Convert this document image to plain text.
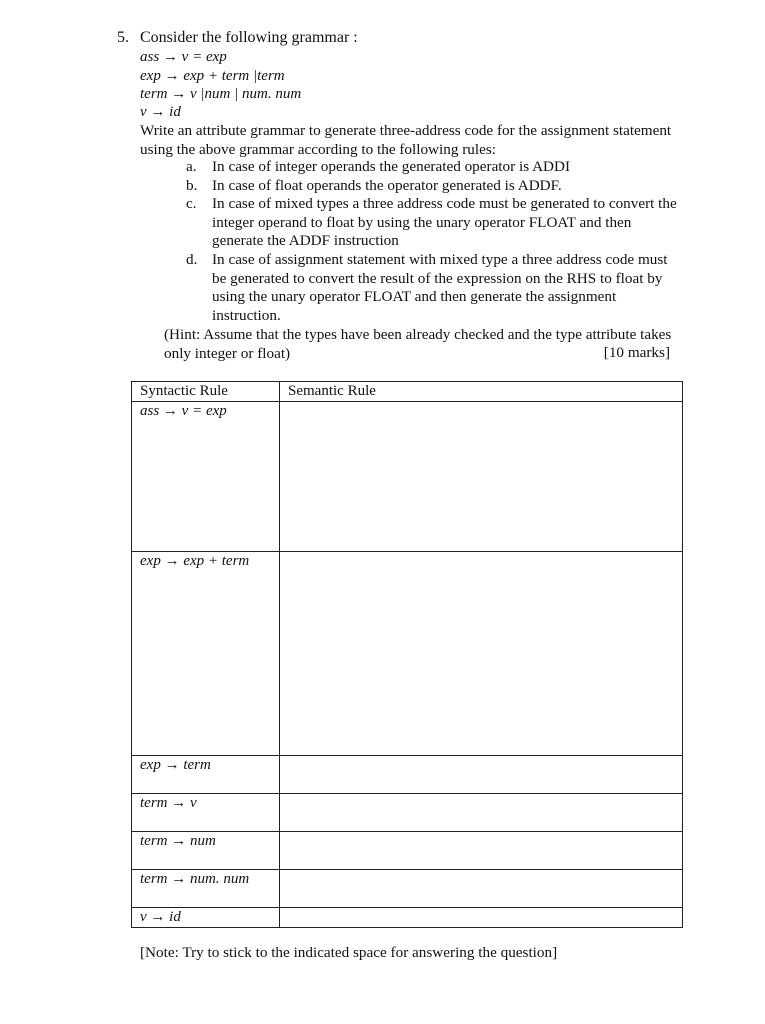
5. Consider the following grammar :
ass → v = exp
exp → exp + term |term
term → v |num | num. num
v → id
Write an attribute grammar to generate three-address code for the assignment statement using the above grammar according to the following rules:
a.	In case of integer operands the generated operator is ADDI
b. In case of float operands the operator generated is ADDF.
c.	In case of mixed types a three address code must be generated to convert the integer operand to float by using the unary operator FLOAT and then generate the ADDF instruction
d. In case of assignment statement with mixed type a three address code must be generated to convert the result of the expression on the RHS to float by using the unary operator FLOAT and then generate the assignment instruction.
(Hint: Assume that the types have been already checked and the type attribute takes only integer or float)	[10 marks]
Syntactic Rule	Semantic Rule
ass → v = exp	
exp → exp + term	
exp → term	
term → v	
term → num	
term → num. num	
v → id	
[Note: Try to stick to the indicated space for answering the question]
